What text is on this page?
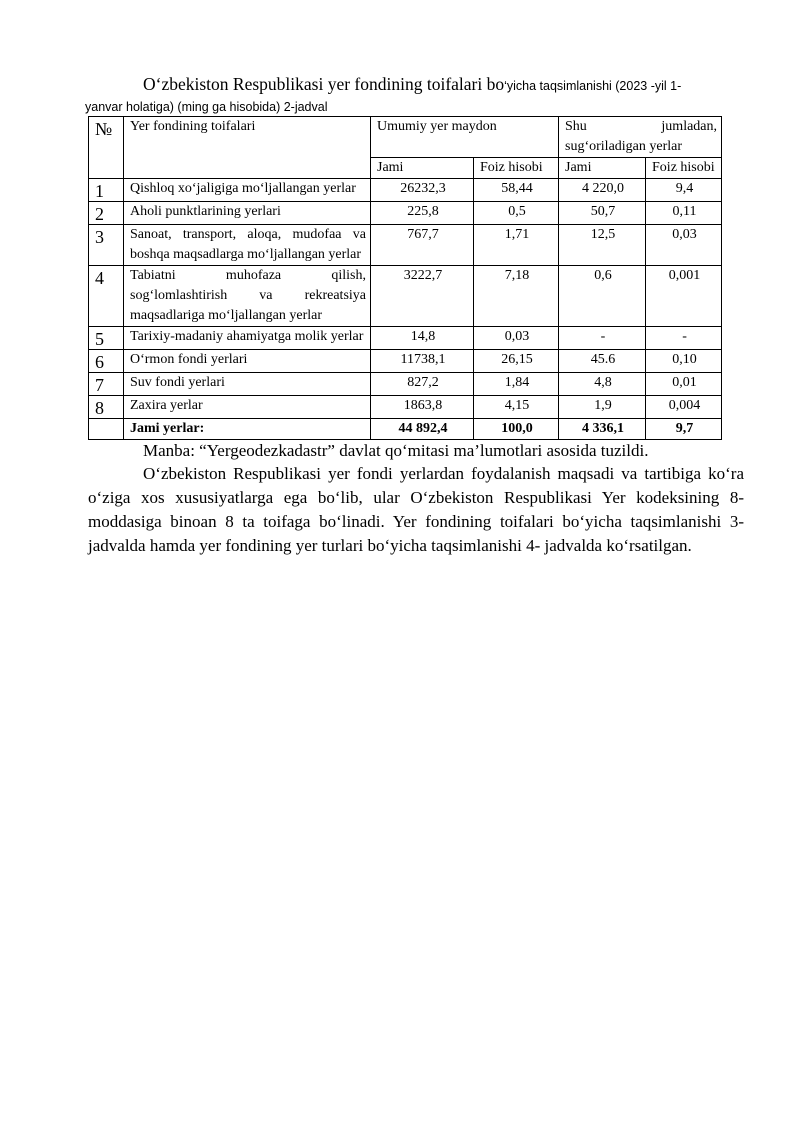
O‘zbekiston Respublikasi yer fondining toifalari bo‘yicha taqsimlanishi (2023 -yil 1-
yanvar holatiga) (ming ga hisobida) 2-jadval
№	Yer fondining toifalari	Umumiy yer maydon		Shu jumladan,
sug‘oriladigan yerlar	

		Jami	Foiz hisobi	Jami	Foiz hisobi
1	Qishloq xo‘jaligiga mo‘ljallangan yerlar	26232,3	58,44	4 220,0	9,4
2	Aholi punktlarining yerlari	225,8	0,5	50,7	0,11
3	Sanoat, transport, aloqa, mudofaa va boshqa maqsadlarga mo‘ljallangan yerlar	767,7	1,71	12,5	0,03
4	Tabiatni muhofaza qilish, sog‘lomlashtirish va rekreatsiya maqsadlariga mo‘ljallangan yerlar	3222,7	7,18	0,6	0,001
5	Tarixiy-madaniy ahamiyatga molik yerlar	14,8	0,03	-	-
6	O‘rmon fondi yerlari	11738,1	26,15	45.6	0,10
7	Suv fondi yerlari	827,2	1,84	4,8	0,01
8	Zaxira yerlar	1863,8	4,15	1,9	0,004
	Jami yerlar:	44 892,4	100,0	4 336,1	9,7

Manba: “Yergeodezkadastr” davlat qo‘mitasi ma’lumotlari asosida tuzildi.

O‘zbekiston Respublikasi yer fondi yerlardan foydalanish maqsadi va tartibiga ko‘ra o‘ziga xos xususiyatlarga ega bo‘lib, ular O‘zbekiston Respublikasi Yer kodeksining 8-moddasiga binoan 8 ta toifaga bo‘linadi. Yer fondining toifalari bo‘yicha taqsimlanishi 3- jadvalda hamda yer fondining yer turlari bo‘yicha taqsimlanishi 4- jadvalda ko‘rsatilgan.
